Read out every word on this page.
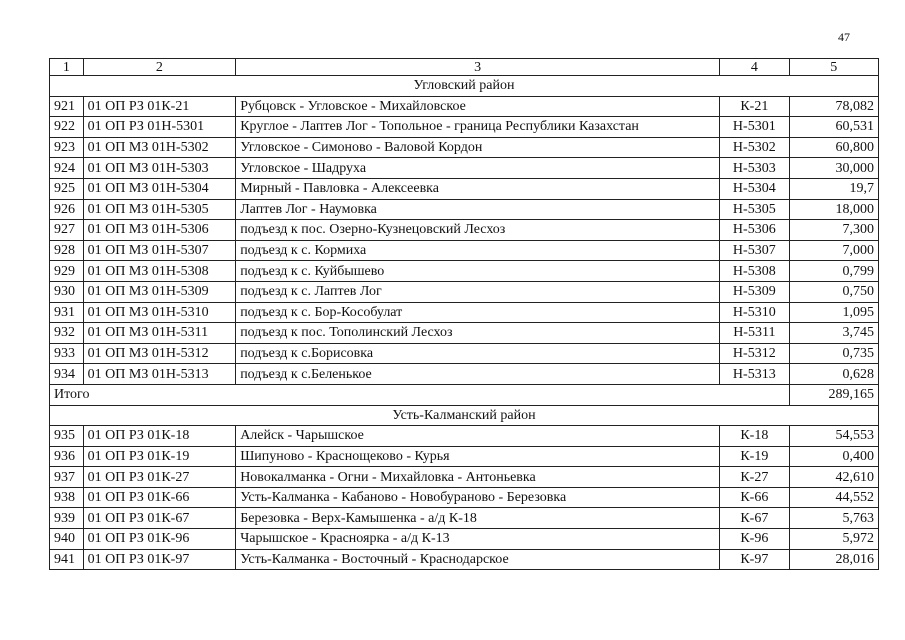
47
1	2	3	4	5
Угловский район				
921	01 ОП РЗ 01К-21	Рубцовск - Угловское - Михайловское	К-21	78,082
922	01 ОП РЗ 01Н-5301	Круглое - Лаптев Лог - Топольное - граница Республики Казахстан	Н-5301	60,531
923	01 ОП МЗ 01Н-5302	Угловское - Симоново - Валовой Кордон	Н-5302	60,800
924	01 ОП МЗ 01Н-5303	Угловское - Шадруха	Н-5303	30,000
925	01 ОП МЗ 01Н-5304	Мирный - Павловка - Алексеевка	Н-5304	19,7
926	01 ОП МЗ 01Н-5305	Лаптев Лог - Наумовка	Н-5305	18,000
927	01 ОП МЗ 01Н-5306	подъезд к пос. Озерно-Кузнецовский Лесхоз	Н-5306	7,300
928	01 ОП МЗ 01Н-5307	подъезд к с. Кормиха	Н-5307	7,000
929	01 ОП МЗ 01Н-5308	подъезд к с. Куйбышево	Н-5308	0,799
930	01 ОП МЗ 01Н-5309	подъезд к с. Лаптев Лог	Н-5309	0,750
931	01 ОП МЗ 01Н-5310	подъезд к с. Бор-Кособулат	Н-5310	1,095
932	01 ОП МЗ 01Н-5311	подъезд к пос. Тополинский Лесхоз	Н-5311	3,745
933	01 ОП МЗ 01Н-5312	подъезд к с.Борисовка	Н-5312	0,735
934	01 ОП МЗ 01Н-5313	подъезд к с.Беленькое	Н-5313	0,628
Итого				289,165
Усть-Калманский район				
935	01 ОП РЗ 01К-18	Алейск - Чарышское	К-18	54,553
936	01 ОП РЗ 01К-19	Шипуново - Краснощеково - Курья	К-19	0,400
937	01 ОП РЗ 01К-27	Новокалманка - Огни - Михайловка - Антоньевка	К-27	42,610
938	01 ОП РЗ 01К-66	Усть-Калманка - Кабаново - Новобураново - Березовка	К-66	44,552
939	01 ОП РЗ 01К-67	Березовка - Верх-Камышенка - а/д К-18	К-67	5,763
940	01 ОП РЗ 01К-96	Чарышское - Красноярка - а/д К-13	К-96	5,972
941	01 ОП РЗ 01К-97	Усть-Калманка - Восточный - Краснодарское	К-97	28,016
